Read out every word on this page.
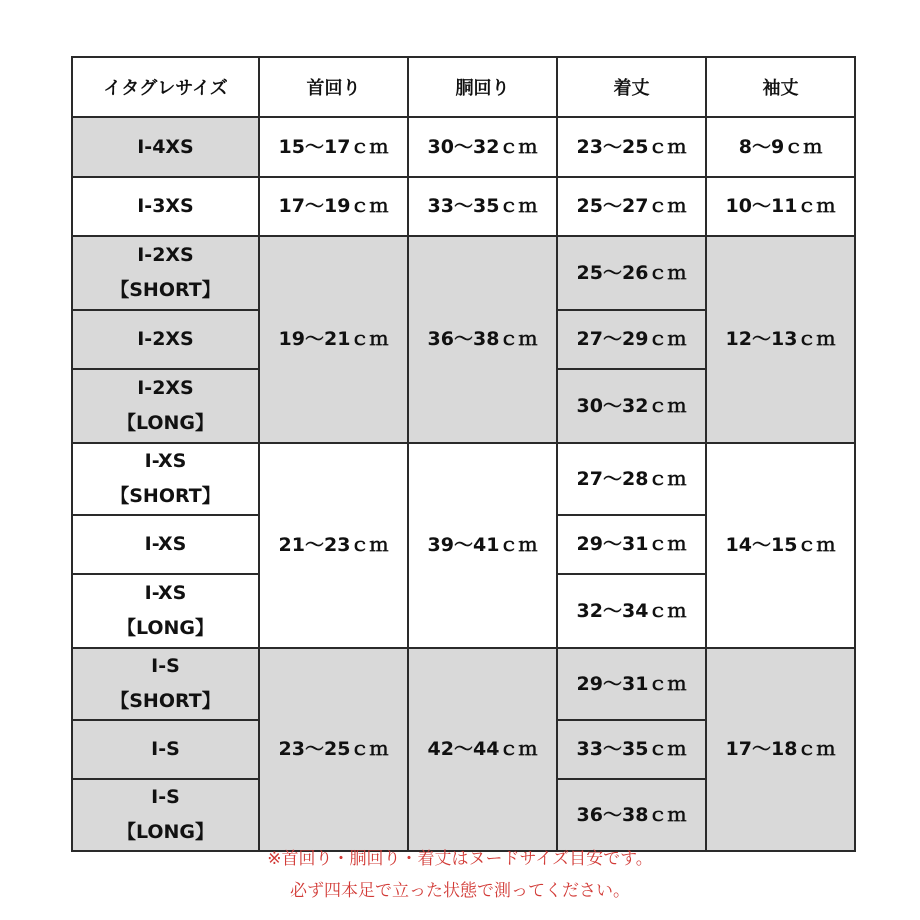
イタグレサイズ	首回り	胴回り	着丈	袖丈

I-4XS	15～17ｃｍ	30～32ｃｍ	23～25ｃｍ	8～9ｃｍ

I-3XS	17～19ｃｍ	33～35ｃｍ	25～27ｃｍ	10～11ｃｍ

I-2XS
【SHORT】	19～21ｃｍ	36～38ｃｍ	25～26ｃｍ	12～13ｃｍ

I-2XS			27～29ｃｍ	

I-2XS
【LONG】			30～32ｃｍ	

I-XS
【SHORT】	21～23ｃｍ	39～41ｃｍ	27～28ｃｍ	14～15ｃｍ

I-XS			29～31ｃｍ	

I-XS
【LONG】			32～34ｃｍ	

I-S
【SHORT】	23～25ｃｍ	42～44ｃｍ	29～31ｃｍ	17～18ｃｍ

I-S			33～35ｃｍ	

I-S
【LONG】			36～38ｃｍ	
※首回り・胴回り・着丈はヌードサイズ目安です。
必ず四本足で立った状態で測ってください。
